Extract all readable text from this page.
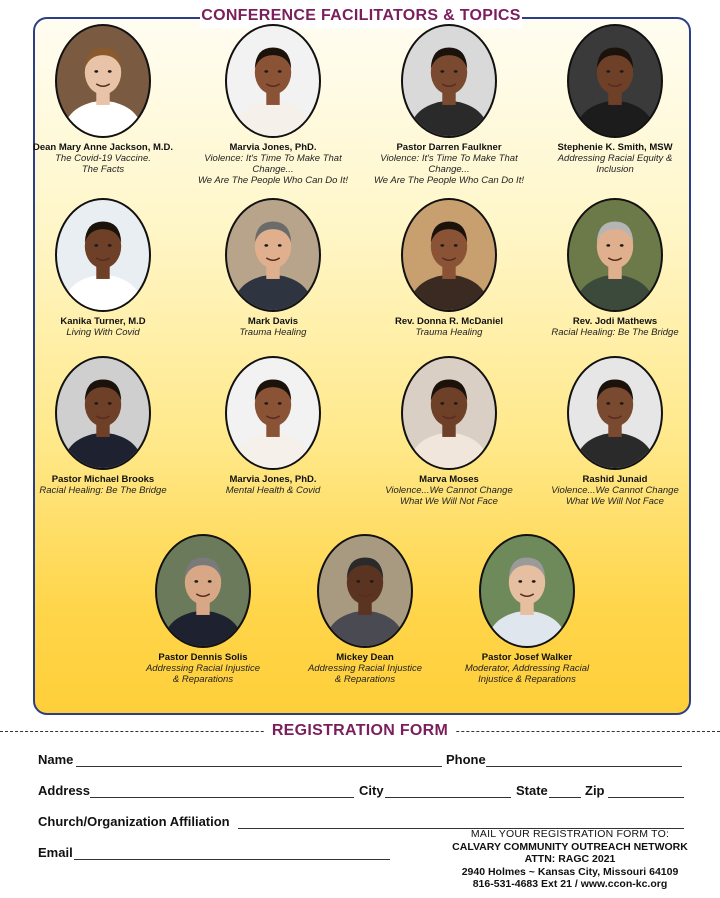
CONFERENCE FACILITATORS & TOPICS
Dean Mary Anne Jackson, M.D.
The Covid-19 Vaccine.
The Facts
Marvia Jones, PhD.
Violence: It's Time To Make That Change...
We Are The People Who Can Do It!
Pastor Darren Faulkner
Violence: It's Time To Make That Change...
We Are The People Who Can Do It!
Stephenie K. Smith, MSW
Addressing Racial Equity &
Inclusion
Kanika Turner, M.D
Living With Covid
Mark Davis
Trauma Healing
Rev. Donna R. McDaniel
Trauma Healing
Rev. Jodi Mathews
Racial Healing: Be The Bridge
Pastor Michael Brooks
Racial Healing: Be The Bridge
Marvia Jones, PhD.
Mental Health & Covid
Marva Moses
Violence...We Cannot Change
What We Will Not Face
Rashid Junaid
Violence...We Cannot Change
What We Will Not Face
Pastor Dennis Solis
Addressing Racial Injustice
& Reparations
Mickey Dean
Addressing Racial Injustice
& Reparations
Pastor Josef Walker
Moderator, Addressing Racial
Injustice & Reparations
REGISTRATION FORM
Name	Phone
Address	City	State	Zip
Church/Organization Affiliation
Email
MAIL YOUR REGISTRATION FORM TO:
CALVARY COMMUNITY OUTREACH NETWORK
ATTN: RAGC 2021
2940 Holmes ~ Kansas City, Missouri 64109
816-531-4683 Ext 21 / www.ccon-kc.org
